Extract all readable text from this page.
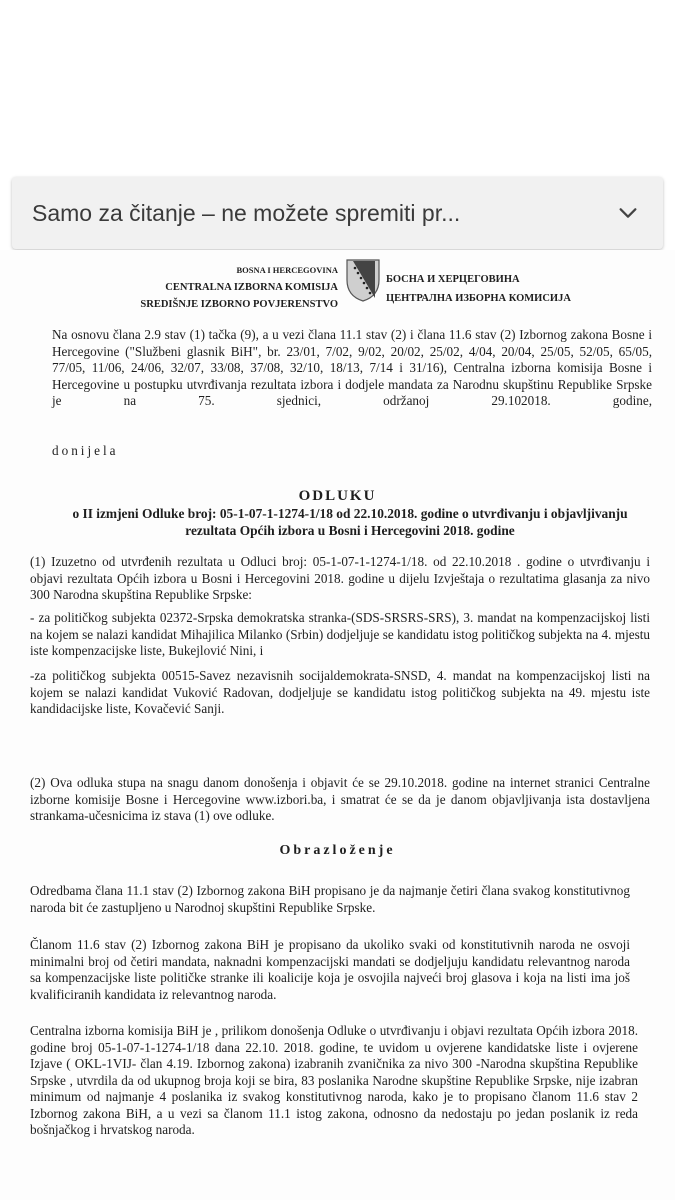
Samo za čitanje – ne možete spremiti pr...
BOSNA I HERCEGOVINA
CENTRALNA IZBORNA KOMISIJA
SREDIŠNJE IZBORNO POVJERENSTVO
БОСНА И ХЕРЦЕГОВИНА
ЦЕНТРАЛНА ИЗБОРНА КОМИСИЈА
Na osnovu člana 2.9 stav (1) tačka (9), a u vezi člana 11.1 stav (2) i člana 11.6 stav (2) Izbornog zakona Bosne i Hercegovine ("Službeni glasnik BiH", br. 23/01, 7/02, 9/02, 20/02, 25/02, 4/04, 20/04, 25/05, 52/05, 65/05, 77/05, 11/06, 24/06, 32/07, 33/08, 37/08, 32/10, 18/13, 7/14 i 31/16), Centralna izborna komisija Bosne i Hercegovine u postupku utvrđivanja rezultata izbora i dodjele mandata za Narodnu skupštinu Republike Srpske je na 75. sjednici, održanoj 29.102018. godine,
donijela
ODLUKU
o II izmjeni Odluke broj: 05-1-07-1-1274-1/18 od 22.10.2018. godine o utvrđivanju i objavljivanju rezultata Općih izbora u Bosni i Hercegovini 2018. godine
(1) Izuzetno od utvrđenih rezultata u Odluci broj: 05-1-07-1-1274-1/18. od 22.10.2018 . godine o utvrđivanju i objavi rezultata Općih izbora u Bosni i Hercegovini 2018. godine u dijelu Izvještaja o rezultatima glasanja za nivo 300 Narodna skupština Republike Srpske:
- za političkog subjekta 02372-Srpska demokratska stranka-(SDS-SRSRS-SRS), 3. mandat na kompenzacijskoj listi na kojem se nalazi kandidat Mihajilica Milanko (Srbin) dodjeljuje se kandidatu istog političkog subjekta na 4. mjestu iste kompenzacijske liste, Bukejlović Nini, i
-za političkog subjekta 00515-Savez nezavisnih socijaldemokrata-SNSD, 4. mandat na kompenzacijskoj listi na kojem se nalazi kandidat Vuković Radovan, dodjeljuje se kandidatu istog političkog subjekta na 49. mjestu iste kandidacijske liste, Kovačević Sanji.
(2) Ova odluka stupa na snagu danom donošenja i objavit će se 29.10.2018. godine na internet stranici Centralne izborne komisije Bosne i Hercegovine www.izbori.ba, i smatrat će se da je danom objavljivanja ista dostavljena strankama-učesnicima iz stava (1) ove odluke.
Obrazloženje
Odredbama člana 11.1 stav (2) Izbornog zakona BiH propisano je da najmanje četiri člana svakog konstitutivnog naroda bit će zastupljeno u Narodnoj skupštini Republike Srpske.
Članom 11.6 stav (2) Izbornog zakona BiH je propisano da ukoliko svaki od konstitutivnih naroda ne osvoji minimalni broj od četiri mandata, naknadni kompenzacijski mandati se dodjeljuju kandidatu relevantnog naroda sa kompenzacijske liste političke stranke ili koalicije koja je osvojila najveći broj glasova i koja na listi ima još kvalificiranih kandidata iz relevantnog naroda.
Centralna izborna komisija BiH je , prilikom donošenja Odluke o utvrđivanju i objavi rezultata Općih izbora 2018. godine broj 05-1-07-1-1274-1/18 dana 22.10. 2018. godine, te uvidom u ovjerene kandidatske liste i ovjerene Izjave ( OKL-1VIJ- član 4.19. Izbornog zakona) izabranih zvaničnika za nivo 300 -Narodna skupština Republike Srpske , utvrdila da od ukupnog broja koji se bira, 83 poslanika Narodne skupštine Republike Srpske, nije izabran minimum od najmanje 4 poslanika iz svakog konstitutivnog naroda, kako je to propisano članom 11.6 stav 2 Izbornog zakona BiH, a u vezi sa članom 11.1 istog zakona, odnosno da nedostaju po jedan poslanik iz reda bošnjačkog i hrvatskog naroda.
